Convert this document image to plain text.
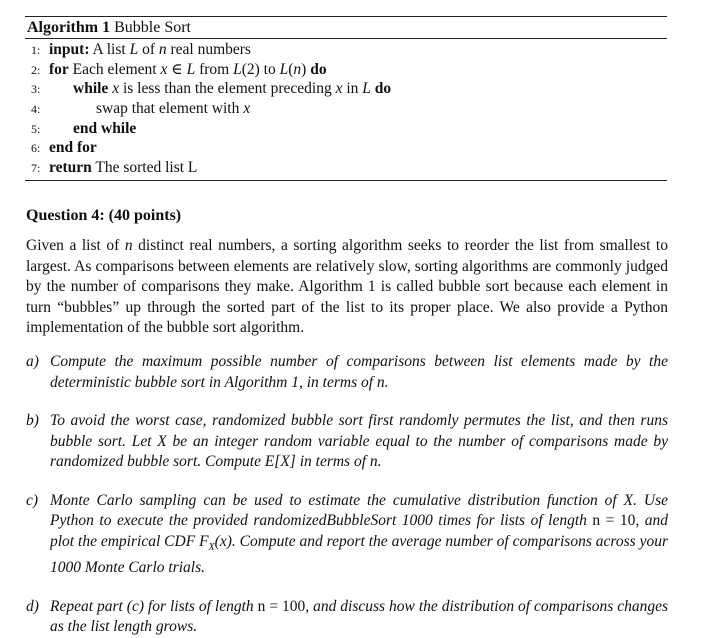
Algorithm 1 Bubble Sort
1: input: A list L of n real numbers
2: for Each element x ∈ L from L(2) to L(n) do
3: while x is less than the element preceding x in L do
4:	swap that element with x
5: end while
6: end for
7: return The sorted list L
Question 4: (40 points)
Given a list of n distinct real numbers, a sorting algorithm seeks to reorder the list from smallest to largest. As comparisons between elements are relatively slow, sorting algorithms are commonly judged by the number of comparisons they make. Algorithm 1 is called bubble sort because each element in turn “bubbles” up through the sorted part of the list to its proper place. We also provide a Python implementation of the bubble sort algorithm.
a) Compute the maximum possible number of comparisons between list elements made by the deterministic bubble sort in Algorithm 1, in terms of n.
b) To avoid the worst case, randomized bubble sort first randomly permutes the list, and then runs bubble sort. Let X be an integer random variable equal to the number of comparisons made by randomized bubble sort. Compute E[X] in terms of n.
c) Monte Carlo sampling can be used to estimate the cumulative distribution function of X. Use Python to execute the provided randomizedBubbleSort 1000 times for lists of length n = 10, and plot the empirical CDF $F_X(x)$. Compute and report the average number of comparisons across your 1000 Monte Carlo trials.
d) Repeat part (c) for lists of length n = 100, and discuss how the distribution of comparisons changes as the list length grows.
